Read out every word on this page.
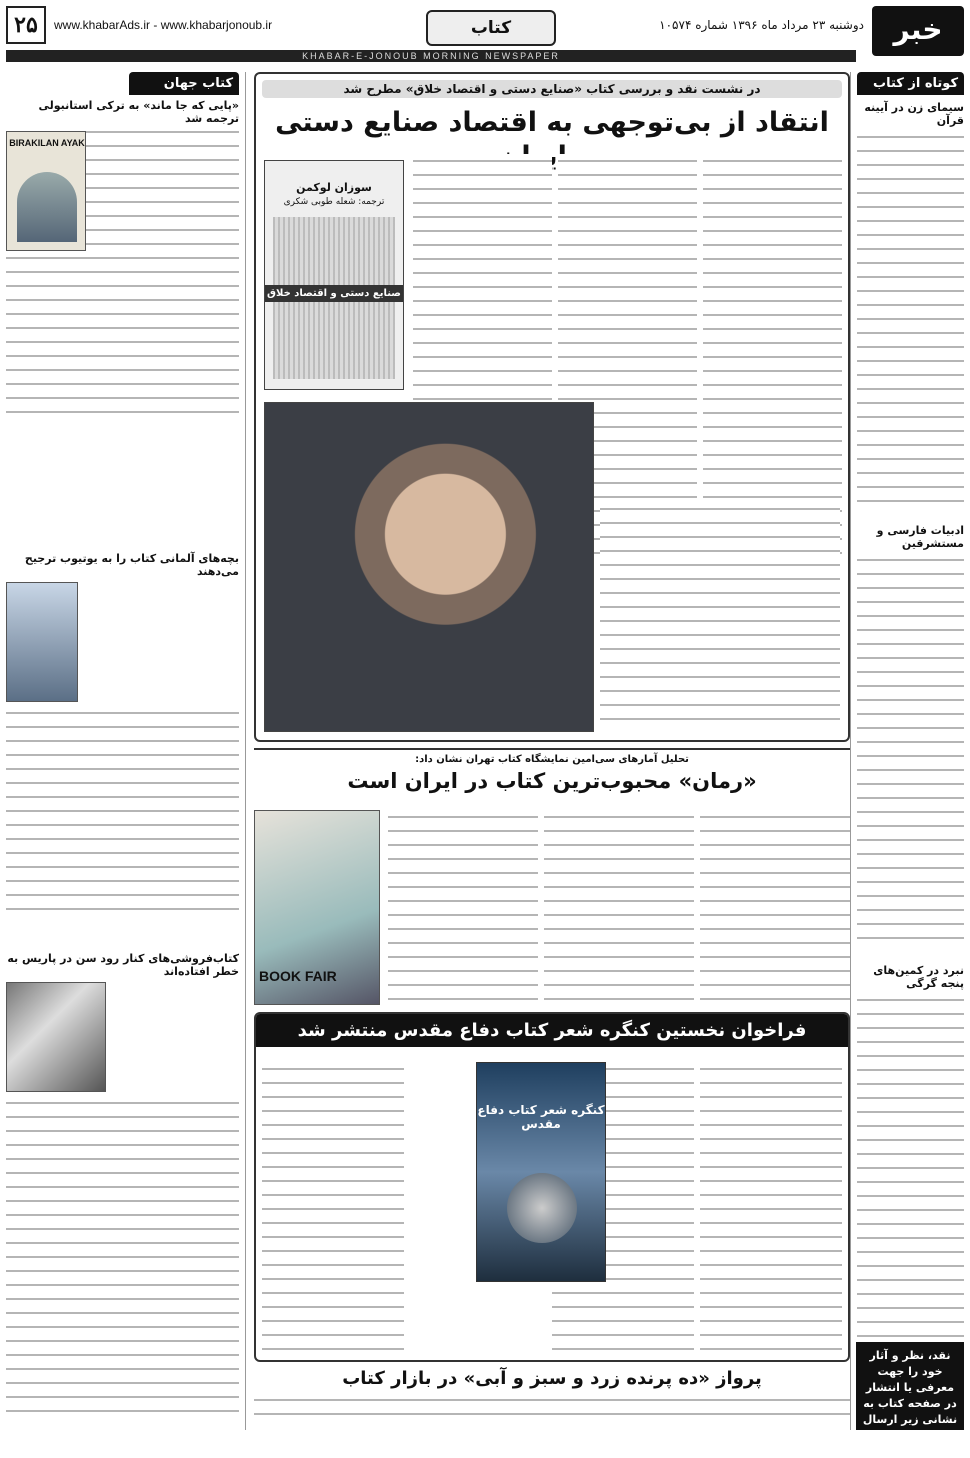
۲۵	www.khabarAds.ir - www.khabarjonoub.ir	کتاب	دوشنبه ۲۳ مرداد ماه ۱۳۹۶ شماره ۱۰۵۷۴	خبر
KHABAR-E-JONOUB MORNING NEWSPAPER
کوتاه از کتاب
سیمای زن در آیینه قرآن
ادبیات فارسی و مستشرقین
نبرد در کمین‌های پنجه گرگی
نقد، نظر و آثار خود را جهت معرفی یا انتشار در صفحه کتاب به نشانی زیر ارسال نمایید:
ketab@khabarads.com
کتاب جهان
«پایی که جا ماند» به ترکی استانبولی ترجمه شد
BIRAKILAN AYAK
بچه‌های آلمانی کتاب را به یوتیوب ترجیح می‌دهند
کتاب‌فروشی‌های کنار رود سن در پاریس به خطر افتاده‌اند
در نشست نقد و بررسی کتاب «صنایع دستی و اقتصاد خلاق» مطرح شد
انتقاد از بی‌توجهی به اقتصاد صنایع دستی
سوزان لوکمن
ترجمه: شعله طوبی شکری
صنایع دستی و اقتصاد خلاق
تحلیل آمارهای سی‌امین نمایشگاه کتاب تهران نشان داد:
«رمان» محبوب‌ترین کتاب در ایران است
BOOK FAIR
فراخوان نخستین کنگره شعر کتاب دفاع مقدس منتشر شد
کنگره شعر کتاب دفاع مقدس
پرواز «ده پرنده زرد و سبز و آبی» در بازار کتاب
